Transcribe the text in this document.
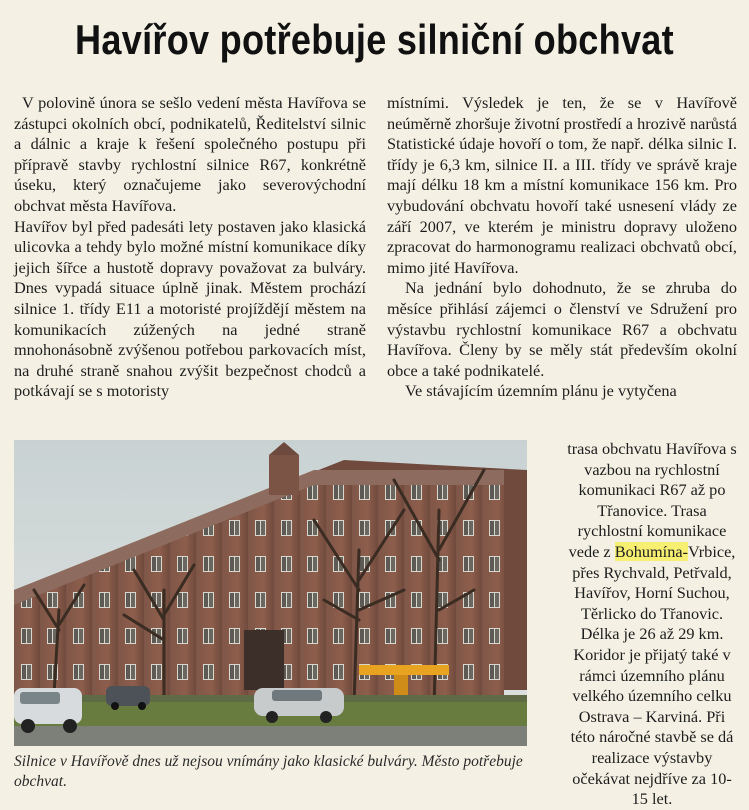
Havířov potřebuje silniční obchvat

V polovině února se sešlo vedení města Havířova se zástupci okolních obcí, podnikatelů, Ředitelství silnic a dálnic a kraje k řešení společného postupu při přípravě stavby rychlostní silnice R67, konkrétně úseku, který označujeme jako severovýchodní obchvat města Havířova.

Havířov byl před padesáti lety postaven jako klasická ulicovka a tehdy bylo možné místní komunikace díky jejich šířce a hustotě dopravy považovat za bulváry. Dnes vypadá situace úplně jinak. Městem prochází silnice 1. třídy E11 a motoristé projíždějí městem na komunikacích zúžených na jedné straně mnohonásobně zvýšenou potřebou parkovacích míst, na druhé straně snahou zvýšit bezpečnost chodců a potkávají se s motoristy

místními. Výsledek je ten, že se v Havířově neúměrně zhoršuje životní prostředí a hrozivě narůstá Statistické údaje hovoří o tom, že např. délka silnic I. třídy je 6,3 km, silnice II. a III. třídy ve správě kraje mají délku 18 km a místní komunikace 156 km. Pro vybudování obchvatu hovoří také usnesení vlády ze září 2007, ve kterém je ministru dopravy uloženo zpracovat do harmonogramu realizaci obchvatů obcí, mimo jité Havířova.

Na jednání bylo dohodnuto, že se zhruba do měsíce přihlásí zájemci o členství ve Sdružení pro výstavbu rychlostní komunikace R67 a obchvatu Havířova. Členy by se měly stát především okolní obce a také podnikatelé.

Ve stávajícím územním plánu je vytyčena

trasa obchvatu Havířova s vazbou na rychlostní komunikaci R67 až po Třanovice. Trasa rychlostní komunikace vede z Bohumína-Vrbice, přes Rychvald, Petřvald, Havířov, Horní Suchou, Těrlicko do Třanovic. Délka je 26 až 29 km. Koridor je přijatý také v rámci územního plánu velkého územního celku Ostrava – Karviná. Při této náročné stavbě se dá realizace výstavby očekávat nejdříve za 10-15 let.

Silnice v Havířově dnes už nejsou vnímány jako klasické bulváry. Město potřebuje obchvat.
